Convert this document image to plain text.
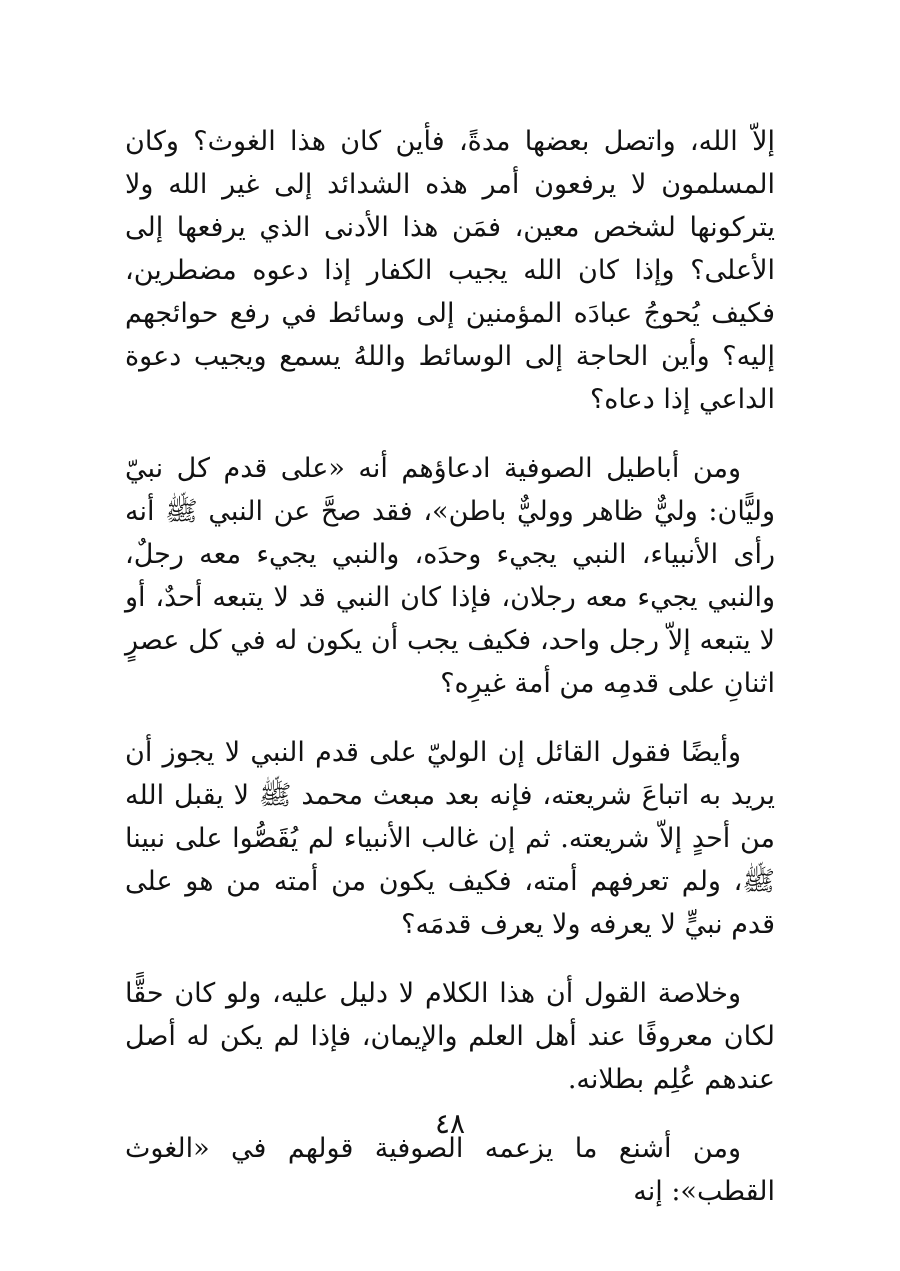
إلاّ الله، واتصل بعضها مدةً، فأين كان هذا الغوث؟ وكان المسلمون لا يرفعون أمر هذه الشدائد إلى غير الله ولا يتركونها لشخص معين، فمَن هذا الأدنى الذي يرفعها إلى الأعلى؟ وإذا كان الله يجيب الكفار إذا دعوه مضطرين، فكيف يُحوجُ عبادَه المؤمنين إلى وسائط في رفع حوائجهم إليه؟ وأين الحاجة إلى الوسائط واللهُ يسمع ويجيب دعوة الداعي إذا دعاه؟

ومن أباطيل الصوفية ادعاؤهم أنه «على قدم كل نبيّ وليًّان: وليٌّ ظاهر ووليٌّ باطن»، فقد صحَّ عن النبي ﷺ أنه رأى الأنبياء، النبي يجيء وحدَه، والنبي يجيء معه رجلٌ، والنبي يجيء معه رجلان، فإذا كان النبي قد لا يتبعه أحدٌ، أو لا يتبعه إلاّ رجل واحد، فكيف يجب أن يكون له في كل عصرٍ اثنانِ على قدمِه من أمة غيرِه؟

وأيضًا فقول القائل إن الوليّ على قدم النبي لا يجوز أن يريد به اتباعَ شريعته، فإنه بعد مبعث محمد ﷺ لا يقبل الله من أحدٍ إلاّ شريعته. ثم إن غالب الأنبياء لم يُقَصُّوا على نبينا ﷺ، ولم تعرفهم أمته، فكيف يكون من أمته من هو على قدم نبيٍّ لا يعرفه ولا يعرف قدمَه؟

وخلاصة القول أن هذا الكلام لا دليل عليه، ولو كان حقًّا لكان معروفًا عند أهل العلم والإيمان، فإذا لم يكن له أصل عندهم عُلِم بطلانه.

ومن أشنع ما يزعمه الصوفية قولهم في «الغوث القطب»: إنه

٤٨
